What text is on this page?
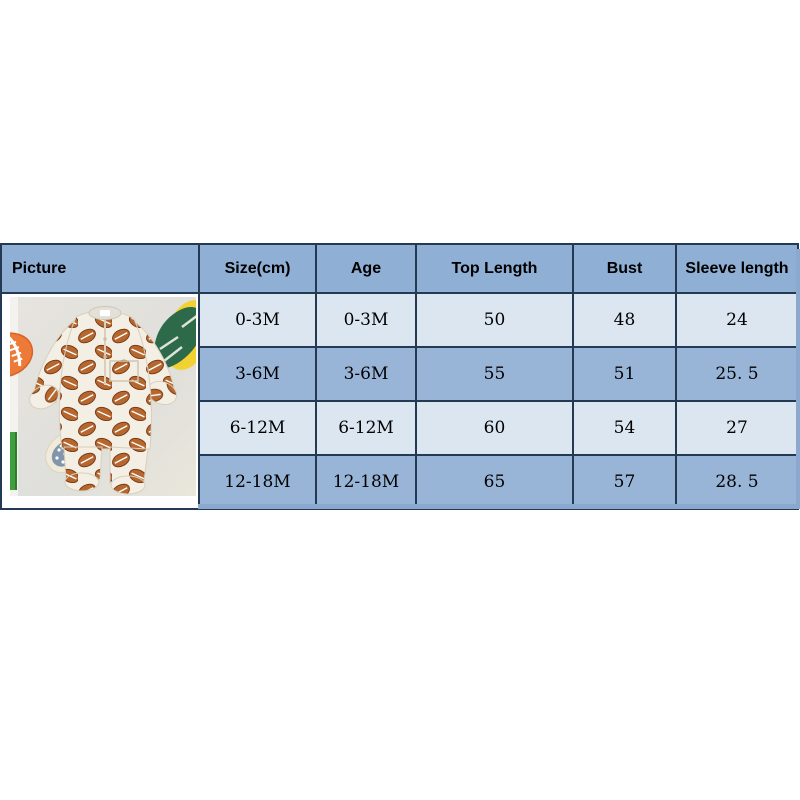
Picture	Size(cm)	Age	Top Length	Bust	Sleeve length

	0-3M	0-3M	50	48	24
	3-6M	3-6M	55	51	25. 5
	6-12M	6-12M	60	54	27
	12-18M	12-18M	65	57	28. 5
